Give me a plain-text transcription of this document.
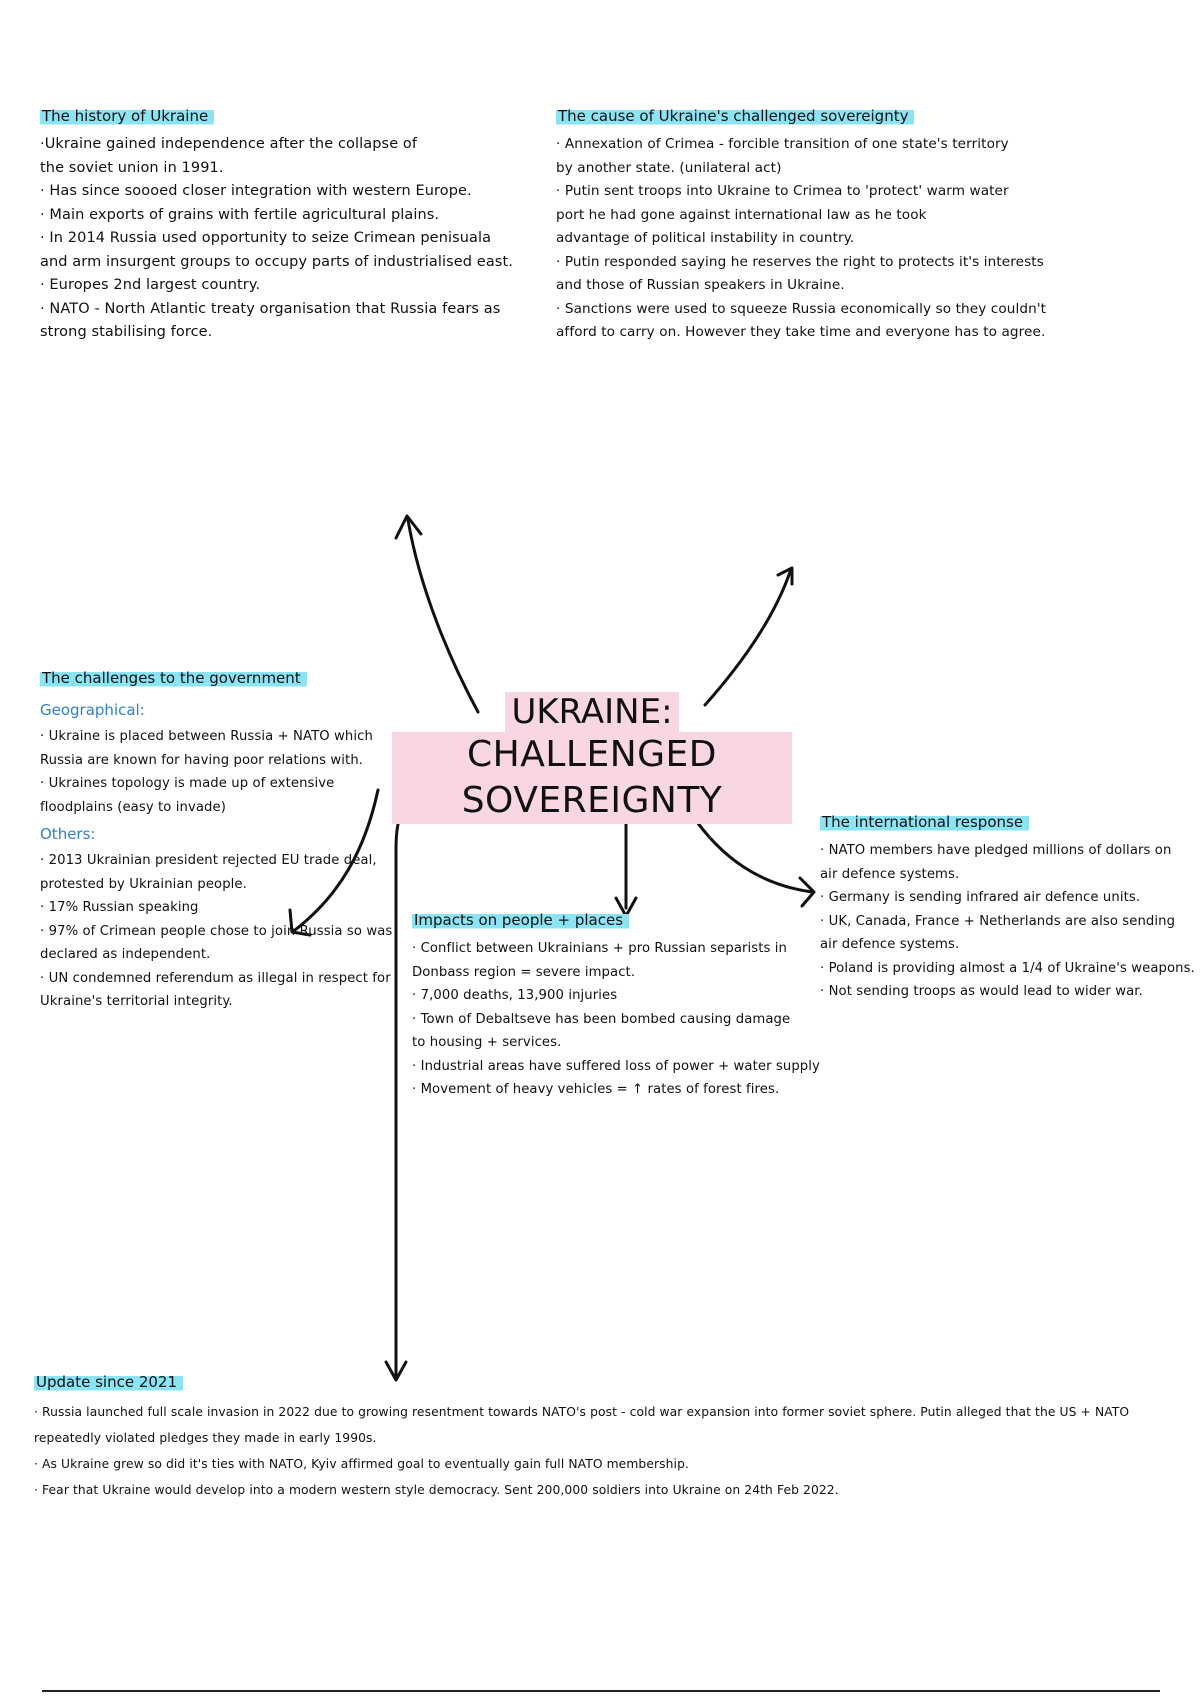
UKRAINE:
CHALLENGED SOVEREIGNTY
The history of Ukraine
·Ukraine gained independence after the collapse of
the soviet union in 1991.
· Has since soooed closer integration with western Europe.
· Main exports of grains with fertile agricultural plains.
· In 2014 Russia used opportunity to seize Crimean penisuala
and arm insurgent groups to occupy parts of industrialised east.
· Europes 2nd largest country.
· NATO - North Atlantic treaty organisation that Russia fears as
strong stabilising force.
The cause of Ukraine's challenged sovereignty
· Annexation of Crimea - forcible transition of one state's territory
by another state. (unilateral act)
· Putin sent troops into Ukraine to Crimea to 'protect' warm water
port he had gone against international law as he took
advantage of political instability in country.
· Putin responded saying he reserves the right to protects it's interests
and those of Russian speakers in Ukraine.
· Sanctions were used to squeeze Russia economically so they couldn't
afford to carry on. However they take time and everyone has to agree.
The challenges to the government
Geographical:
· Ukraine is placed between Russia + NATO which
Russia are known for having poor relations with.
· Ukraines topology is made up of extensive
floodplains (easy to invade)
Others:
· 2013 Ukrainian president rejected EU trade deal,
protested by Ukrainian people.
· 17% Russian speaking
· 97% of Crimean people chose to join Russia so was
declared as independent.
· UN condemned referendum as illegal in respect for
Ukraine's territorial integrity.
Impacts on people + places
· Conflict between Ukrainians + pro Russian separists in
Donbass region = severe impact.
· 7,000 deaths, 13,900 injuries
· Town of Debaltseve has been bombed causing damage
to housing + services.
· Industrial areas have suffered loss of power + water supply
· Movement of heavy vehicles = ↑ rates of forest fires.
The international response
· NATO members have pledged millions of dollars on
air defence systems.
· Germany is sending infrared air defence units.
· UK, Canada, France + Netherlands are also sending
air defence systems.
· Poland is providing almost a 1/4 of Ukraine's weapons.
· Not sending troops as would lead to wider war.
Update since 2021
· Russia launched full scale invasion in 2022 due to growing resentment towards NATO's post - cold war expansion into former soviet sphere. Putin alleged that the US + NATO
repeatedly violated pledges they made in early 1990s.
· As Ukraine grew so did it's ties with NATO, Kyiv affirmed goal to eventually gain full NATO membership.
· Fear that Ukraine would develop into a modern western style democracy. Sent 200,000 soldiers into Ukraine on 24th Feb 2022.
